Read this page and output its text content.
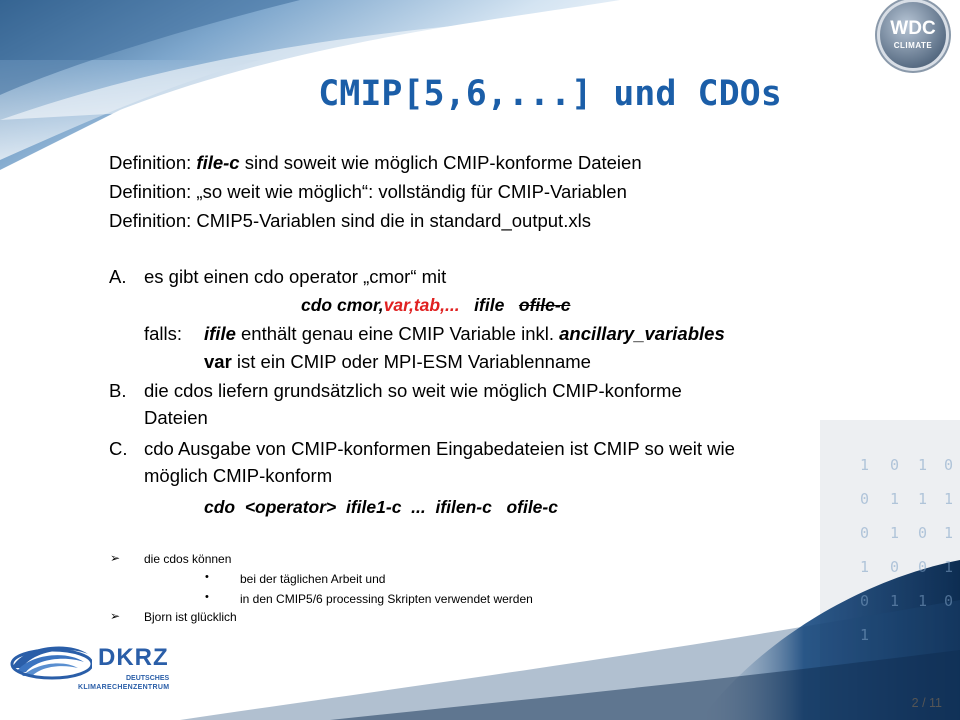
1 0 1 0
0 1 1 1
0 1 0 1
1 0 0 1
0 1 1 0
1
WDC
CLIMATE
CMIP[5,6,...] und CDOs
Definition: file-c sind soweit wie möglich CMIP-konforme Dateien
Definition: „so weit wie möglich“: vollständig für CMIP-Variablen
Definition: CMIP5-Variablen sind die in standard_output.xls
A. es gibt einen cdo operator „cmor“ mit
cdo cmor,var,tab,...   ifile   ofile-c
falls: ifile enthält genau eine CMIP Variable inkl. ancillary_variables
var ist ein CMIP oder MPI-ESM Variablenname
B. die cdos liefern grundsätzlich so weit wie möglich CMIP-konforme
Dateien
C. cdo Ausgabe von CMIP-konformen Eingabedateien ist CMIP so weit wie
möglich CMIP-konform
cdo  <operator>  ifile1-c  ...  ifilen-c   ofile-c
➢ die cdos können
•	bei der täglichen Arbeit und
•	in den CMIP5/6 processing Skripten verwendet werden
➢ Bjorn ist glücklich
DKRZ
DEUTSCHES
KLIMARECHENZENTRUM
2 / 11
